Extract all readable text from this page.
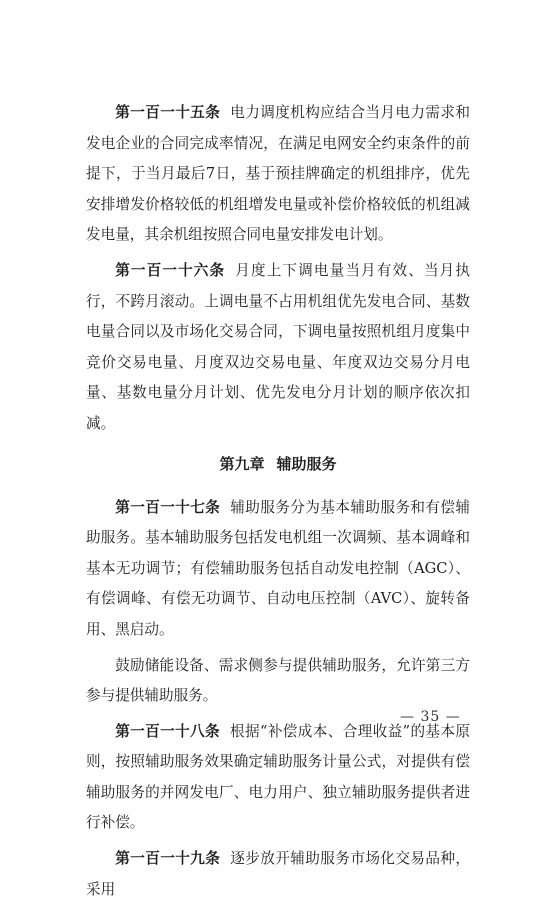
第一百一十五条 电力调度机构应结合当月电力需求和发电企业的合同完成率情况，在满足电网安全约束条件的前提下，于当月最后7日，基于预挂牌确定的机组排序，优先安排增发价格较低的机组增发电量或补偿价格较低的机组减发电量，其余机组按照合同电量安排发电计划。

第一百一十六条 月度上下调电量当月有效、当月执行，不跨月滚动。上调电量不占用机组优先发电合同、基数电量合同以及市场化交易合同，下调电量按照机组月度集中竞价交易电量、月度双边交易电量、年度双边交易分月电量、基数电量分月计划、优先发电分月计划的顺序依次扣减。

第九章 辅助服务

第一百一十七条 辅助服务分为基本辅助服务和有偿辅助服务。基本辅助服务包括发电机组一次调频、基本调峰和基本无功调节；有偿辅助服务包括自动发电控制（AGC）、有偿调峰、有偿无功调节、自动电压控制（AVC）、旋转备用、黑启动。

鼓励储能设备、需求侧参与提供辅助服务，允许第三方参与提供辅助服务。

第一百一十八条 根据“补偿成本、合理收益”的基本原则，按照辅助服务效果确定辅助服务计量公式，对提供有偿辅助服务的并网发电厂、电力用户、独立辅助服务提供者进行补偿。

第一百一十九条 逐步放开辅助服务市场化交易品种，采用

— 35 —
